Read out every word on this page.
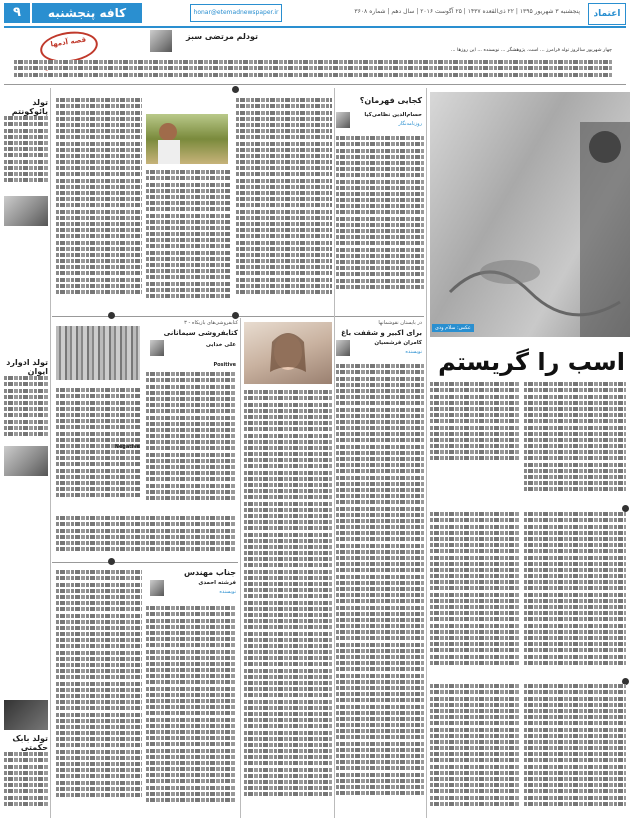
۹	کافه پنجشنبه	honar@etemadnewspaper.ir	پنجشنبه ۳ شهریور ۱۳۹۵ | ۲۲ ذی‌القعده ۱۴۳۷ | ۲۵ آگوست ۲۰۱۶ | سال دهم | شماره ۳۶۰۸	اعتماد
قصه آدمها	تودلم مرتضی سبز
چهار شهریور سالروز تولد فرامرز ... است. پژوهشگر ... نویسنده ... این روزها ...
عکس: سلام ودی
اسب را گریستم
کجایی فهرمان؟
حسام‌الدین نظامی‌کیا
روزنامه‌نگار
تولد پائوکونتم
تولد ادوارد ایوان
تولد بابک حکمتی
در بایستان نقوشمانها
برای اکبیر و شقفت باغ
کامران فرشسیان
نویسنده
کتابفروشی‌های بازیکاه - ۳
کتابفروشی سیمانانی
علی خدایی
Positive
Negative
جناب مهندس
فرشته احمدی
نویسنده
